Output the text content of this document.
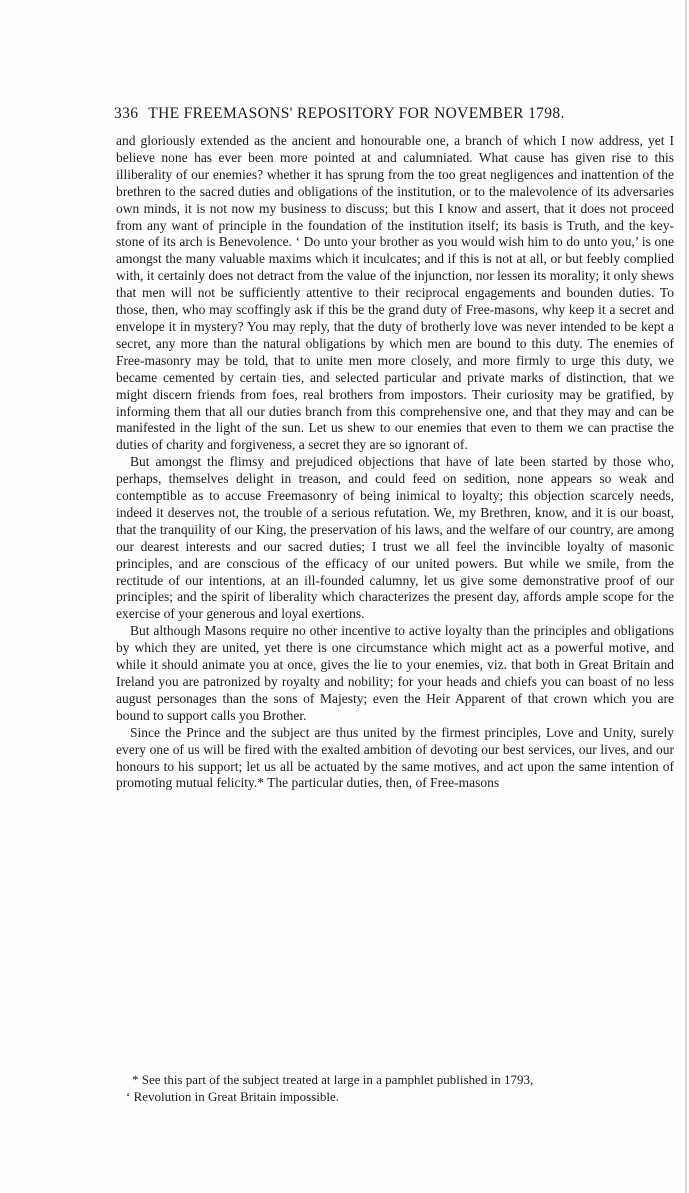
336 THE FREEMASONS' REPOSITORY FOR NOVEMBER 1798.

and gloriously extended as the ancient and honourable one, a branch of which I now address, yet I believe none has ever been more pointed at and calumniated. What cause has given rise to this illiberality of our enemies? whether it has sprung from the too great negligences and inattention of the brethren to the sacred duties and obligations of the institution, or to the malevolence of its adversaries own minds, it is not now my business to discuss; but this I know and assert, that it does not proceed from any want of principle in the foundation of the institution itself; its basis is Truth, and the key-stone of its arch is Benevolence. ‘ Do unto your brother as you would wish him to do unto you,’ is one amongst the many valuable maxims which it inculcates; and if this is not at all, or but feebly complied with, it certainly does not detract from the value of the injunction, nor lessen its morality; it only shews that men will not be sufficiently attentive to their reciprocal engagements and bounden duties. To those, then, who may scoffingly ask if this be the grand duty of Free-masons, why keep it a secret and envelope it in mystery? You may reply, that the duty of brotherly love was never intended to be kept a secret, any more than the natural obligations by which men are bound to this duty. The enemies of Free-masonry may be told, that to unite men more closely, and more firmly to urge this duty, we became cemented by certain ties, and selected particular and private marks of distinction, that we might discern friends from foes, real brothers from impostors. Their curiosity may be gratified, by informing them that all our duties branch from this comprehensive one, and that they may and can be manifested in the light of the sun. Let us shew to our enemies that even to them we can practise the duties of charity and forgiveness, a secret they are so ignorant of.

But amongst the flimsy and prejudiced objections that have of late been started by those who, perhaps, themselves delight in treason, and could feed on sedition, none appears so weak and contemptible as to accuse Freemasonry of being inimical to loyalty; this objection scarcely needs, indeed it deserves not, the trouble of a serious refutation. We, my Brethren, know, and it is our boast, that the tranquility of our King, the preservation of his laws, and the welfare of our country, are among our dearest interests and our sacred duties; I trust we all feel the invincible loyalty of masonic principles, and are conscious of the efficacy of our united powers. But while we smile, from the rectitude of our intentions, at an ill-founded calumny, let us give some demonstrative proof of our principles; and the spirit of liberality which characterizes the present day, affords ample scope for the exercise of your generous and loyal exertions.

But although Masons require no other incentive to active loyalty than the principles and obligations by which they are united, yet there is one circumstance which might act as a powerful motive, and while it should animate you at once, gives the lie to your enemies, viz. that both in Great Britain and Ireland you are patronized by royalty and nobility; for your heads and chiefs you can boast of no less august personages than the sons of Majesty; even the Heir Apparent of that crown which you are bound to support calls you Brother.

Since the Prince and the subject are thus united by the firmest principles, Love and Unity, surely every one of us will be fired with the exalted ambition of devoting our best services, our lives, and our honours to his support; let us all be actuated by the same motives, and act upon the same intention of promoting mutual felicity.* The particular duties, then, of Free-masons

* See this part of the subject treated at large in a pamphlet published in 1793,

‘ Revolution in Great Britain impossible.
